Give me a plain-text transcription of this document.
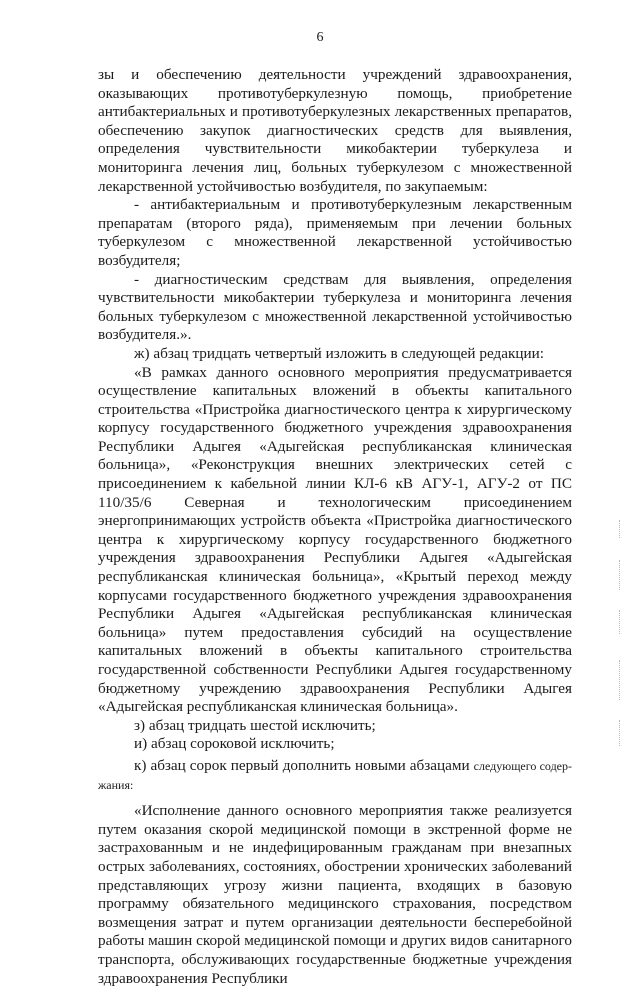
6

зы и обеспечению деятельности учреждений здравоохранения, оказывающих противотуберкулезную помощь, приобретение антибактериальных и противотуберкулезных лекарственных препаратов, обеспечению закупок диагностических средств для выявления, определения чувствительности микобактерии туберкулеза и мониторинга лечения лиц, больных туберкулезом с множественной лекарственной устойчивостью возбудителя, по закупаемым:

- антибактериальным и противотуберкулезным лекарственным препаратам (второго ряда), применяемым при лечении больных туберкулезом с множественной лекарственной устойчивостью возбудителя;

- диагностическим средствам для выявления, определения чувствительности микобактерии туберкулеза и мониторинга лечения больных туберкулезом с множественной лекарственной устойчивостью возбудителя.».

ж) абзац тридцать четвертый изложить в следующей редакции:

«В рамках данного основного мероприятия предусматривается осуществление капитальных вложений в объекты капитального строительства «Пристройка диагностического центра к хирургическому корпусу государственного бюджетного учреждения здравоохранения Республики Адыгея «Адыгейская республиканская клиническая больница», «Реконструкция внешних электрических сетей с присоединением к кабельной линии КЛ-6 кВ АГУ-1, АГУ-2 от ПС 110/35/6 Северная и технологическим присоединением энергопринимающих устройств объекта «Пристройка диагностического центра к хирургическому корпусу государственного бюджетного учреждения здравоохранения Республики Адыгея «Адыгейская республиканская клиническая больница», «Крытый переход между корпусами государственного бюджетного учреждения здравоохранения Республики Адыгея «Адыгейская республиканская клиническая больница» путем предоставления субсидий на осуществление капитальных вложений в объекты капитального строительства государственной собственности Республики Адыгея государственному бюджетному учреждению здравоохранения Республики Адыгея «Адыгейская республиканская клиническая больница».

з) абзац тридцать шестой исключить;

и) абзац сороковой исключить;

к) абзац сорок первый дополнить новыми абзацами следующего содержания:

«Исполнение данного основного мероприятия также реализуется путем оказания скорой медицинской помощи в экстренной форме не застрахованным и не индефицированным гражданам при внезапных острых заболеваниях, состояниях, обострении хронических заболеваний представляющих угрозу жизни пациента, входящих в базовую программу обязательного медицинского страхования, посредством возмещения затрат и путем организации деятельности бесперебойной работы машин скорой медицинской помощи и других видов санитарного транспорта, обслуживающих государственные бюджетные учреждения здравоохранения Республики
